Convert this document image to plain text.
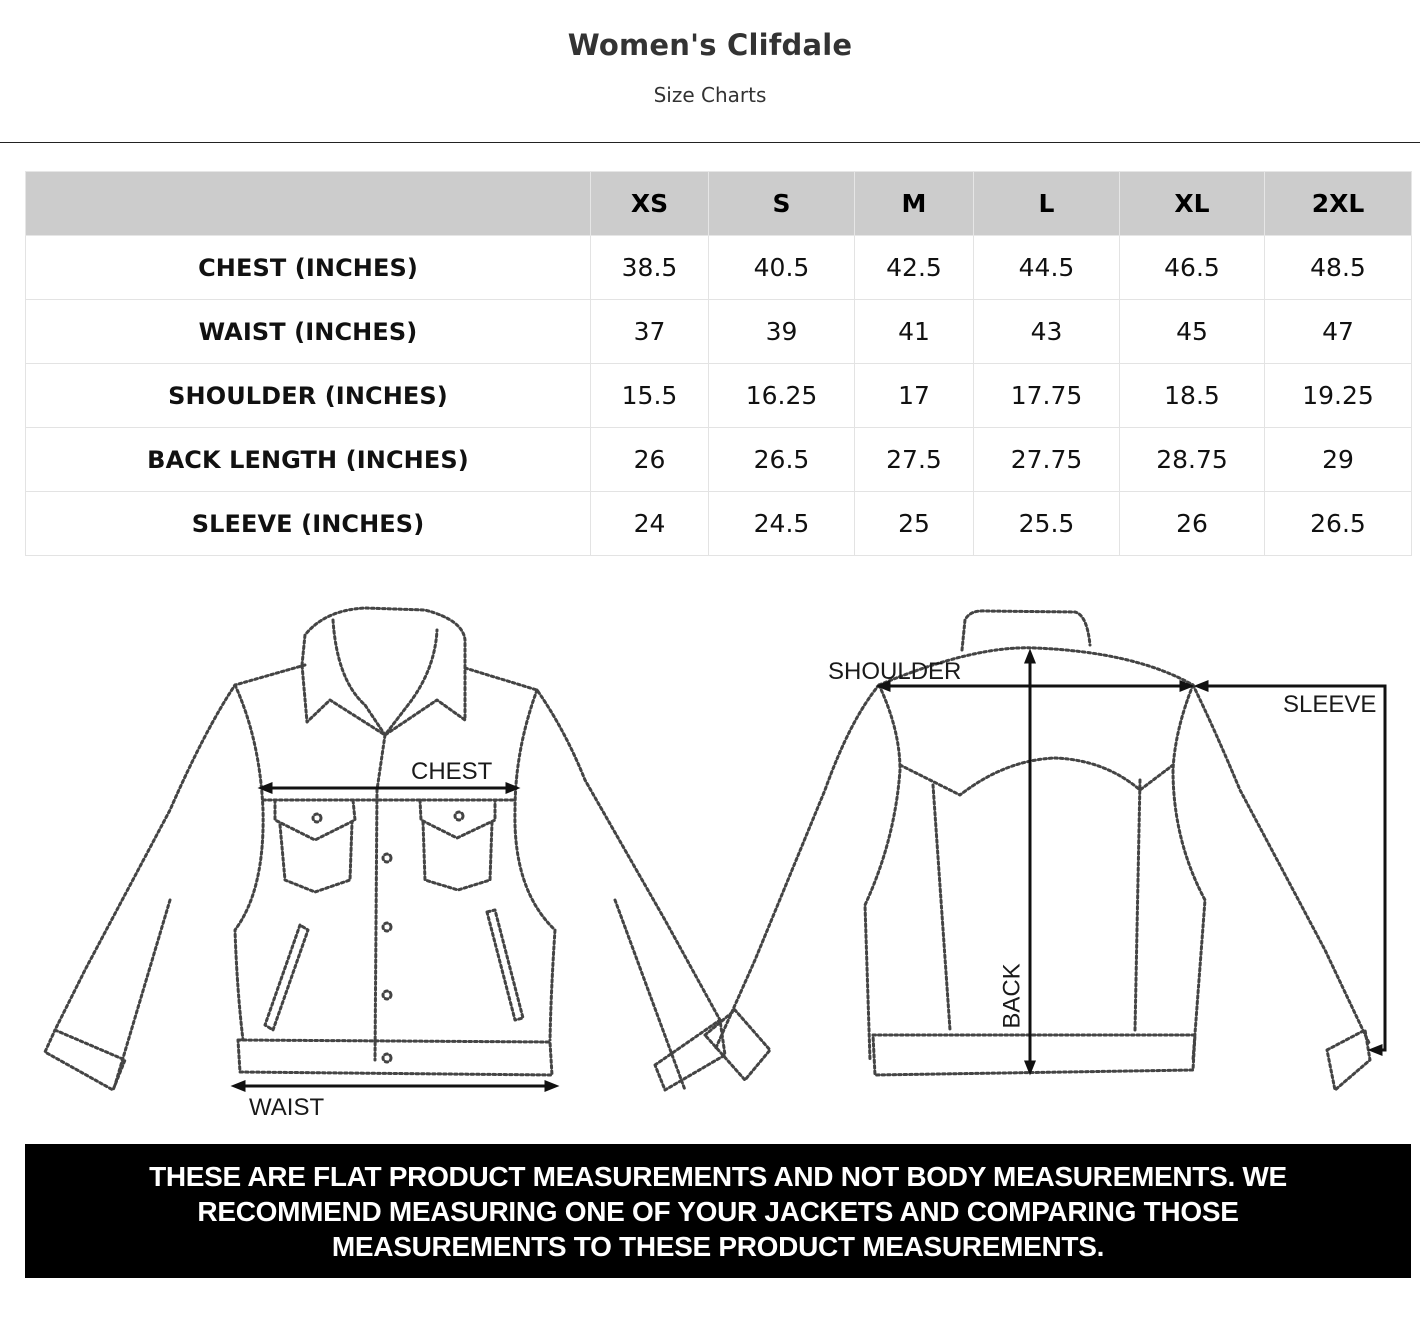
Women's Clifdale
Size Charts
	XS	S	M	L	XL	2XL
CHEST (INCHES)	38.5	40.5	42.5	44.5	46.5	48.5
WAIST (INCHES)	37	39	41	43	45	47
SHOULDER (INCHES)	15.5	16.25	17	17.75	18.5	19.25
BACK LENGTH (INCHES)	26	26.5	27.5	27.75	28.75	29
SLEEVE (INCHES)	24	24.5	25	25.5	26	26.5
CHEST
WAIST
SHOULDER
SLEEVE
BACK
THESE ARE FLAT PRODUCT MEASUREMENTS AND NOT BODY MEASUREMENTS. WE RECOMMEND MEASURING ONE OF YOUR JACKETS AND COMPARING THOSE MEASUREMENTS TO THESE PRODUCT MEASUREMENTS.
